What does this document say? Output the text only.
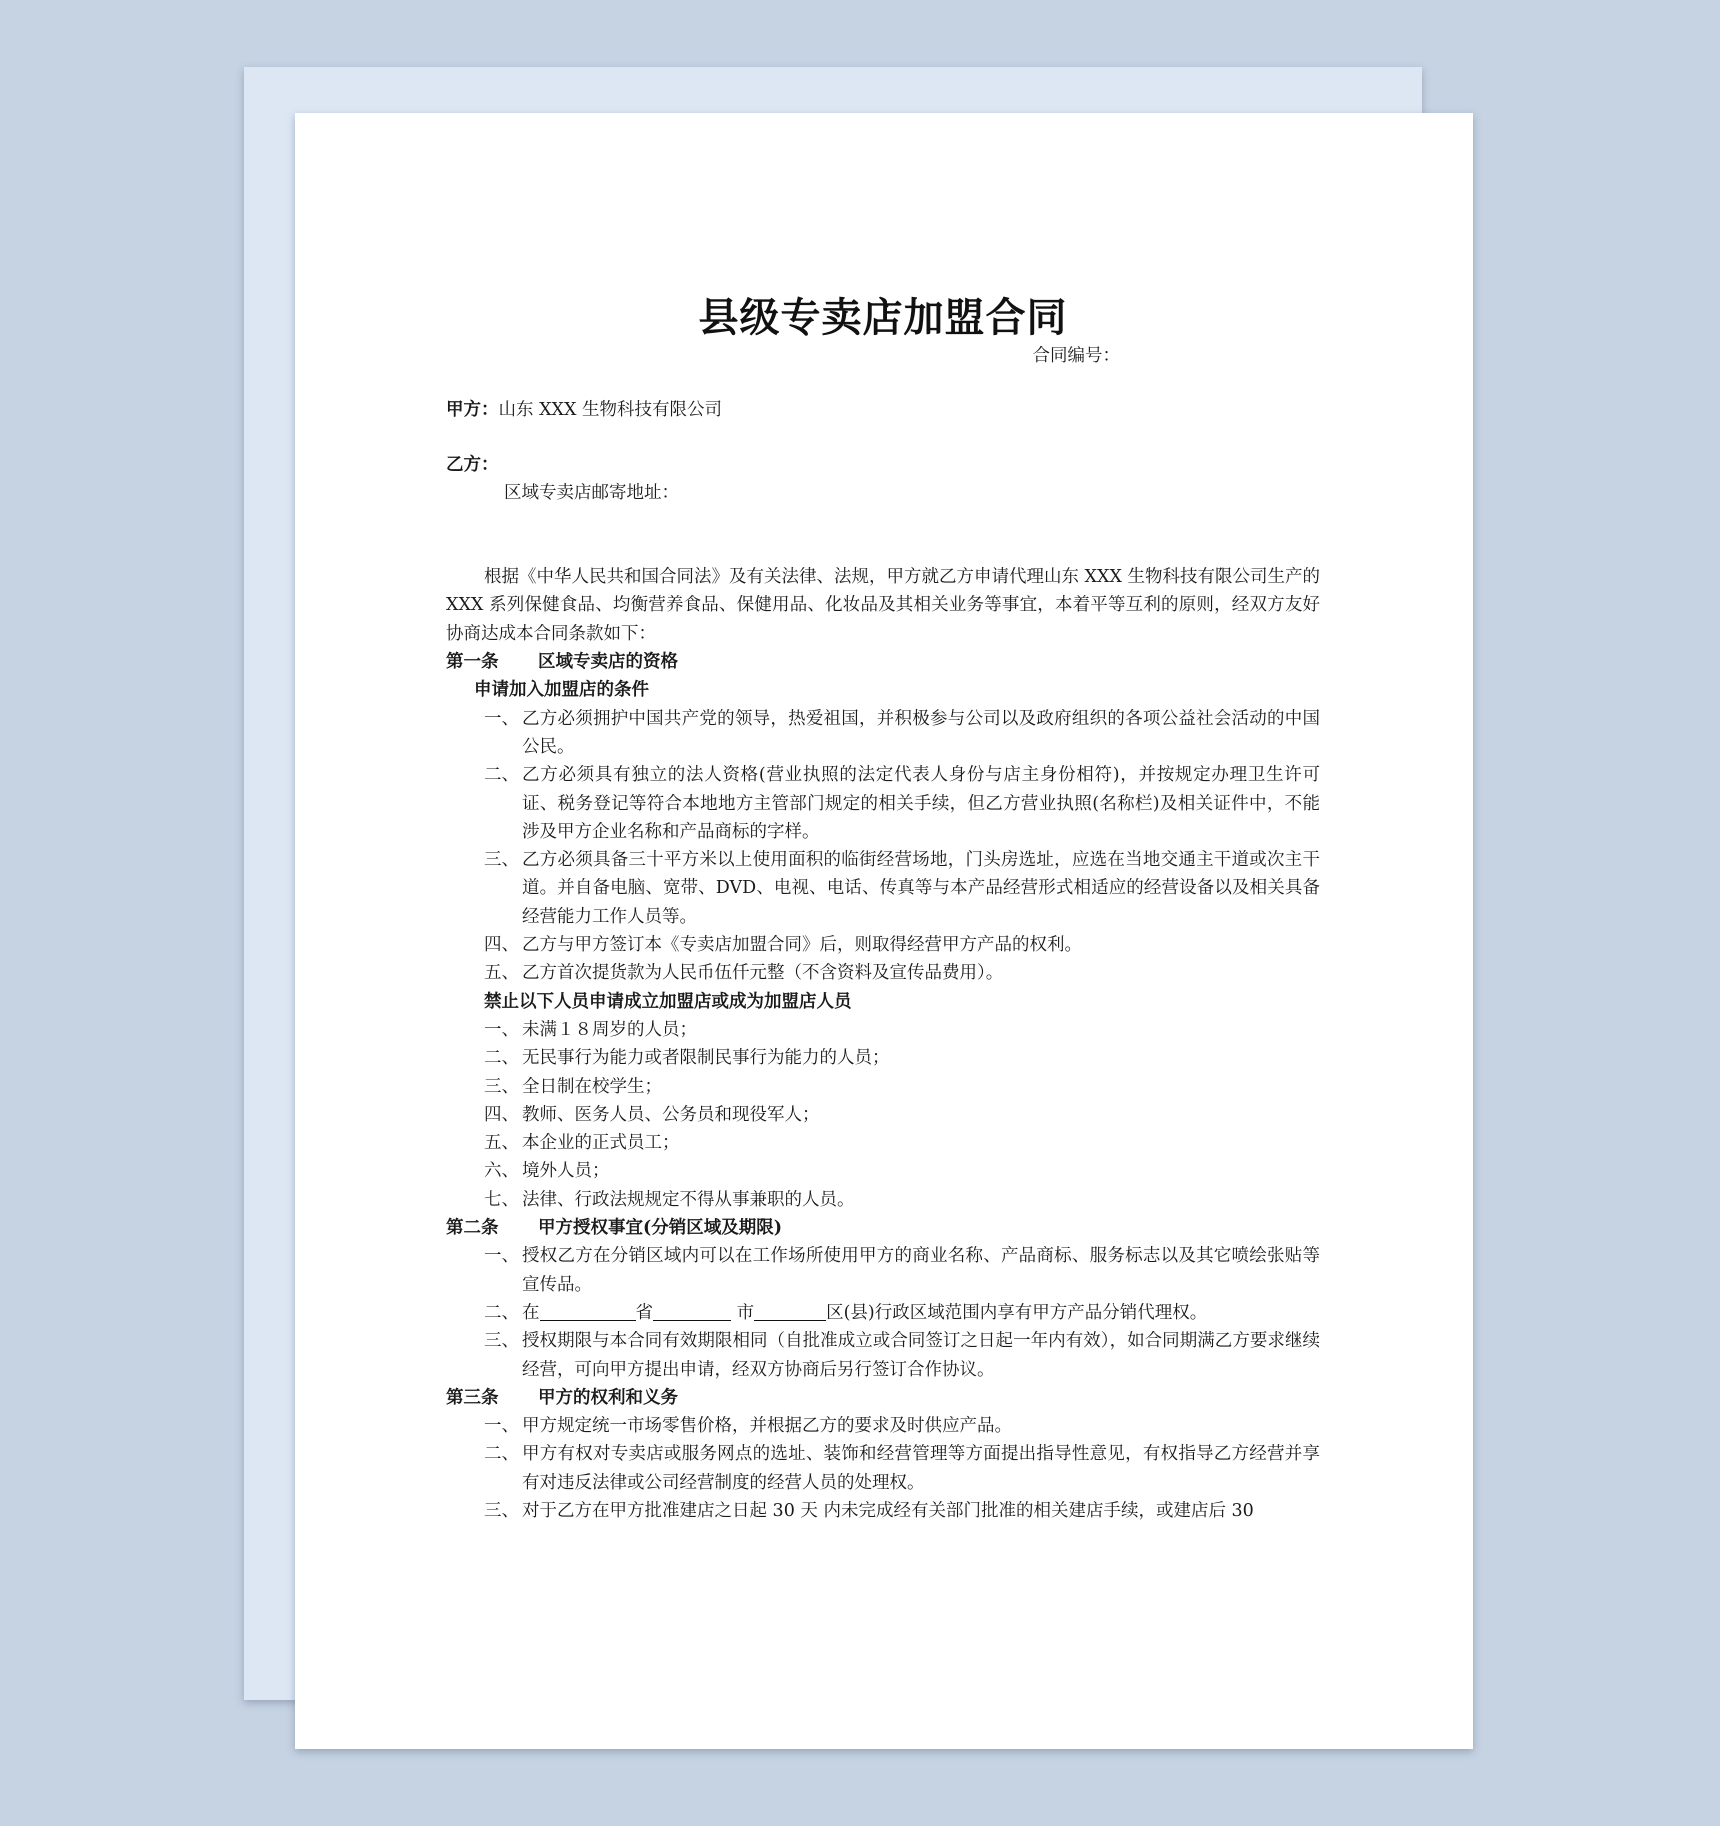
县级专卖店加盟合同
合同编号：
甲方：山东 XXX 生物科技有限公司
乙方：
区域专卖店邮寄地址：
根据《中华人民共和国合同法》及有关法律、法规，甲方就乙方申请代理山东 XXX 生物科技有限公司生产的 XXX 系列保健食品、均衡营养食品、保健用品、化妆品及其相关业务等事宜，本着平等互利的原则，经双方友好协商达成本合同条款如下：
第一条 区域专卖店的资格
申请加入加盟店的条件
一、 乙方必须拥护中国共产党的领导，热爱祖国，并积极参与公司以及政府组织的各项公益社会活动的中国公民。
二、 乙方必须具有独立的法人资格(营业执照的法定代表人身份与店主身份相符)，并按规定办理卫生许可证、税务登记等符合本地地方主管部门规定的相关手续，但乙方营业执照(名称栏)及相关证件中，不能涉及甲方企业名称和产品商标的字样。
三、 乙方必须具备三十平方米以上使用面积的临街经营场地，门头房选址，应选在当地交通主干道或次主干道。并自备电脑、宽带、DVD、电视、电话、传真等与本产品经营形式相适应的经营设备以及相关具备经营能力工作人员等。
四、 乙方与甲方签订本《专卖店加盟合同》后，则取得经营甲方产品的权利。
五、 乙方首次提货款为人民币伍仟元整（不含资料及宣传品费用）。
禁止以下人员申请成立加盟店或成为加盟店人员
一、 未满１８周岁的人员；
二、 无民事行为能力或者限制民事行为能力的人员；
三、 全日制在校学生；
四、 教师、医务人员、公务员和现役军人；
五、 本企业的正式员工；
六、 境外人员；
七、 法律、行政法规规定不得从事兼职的人员。
第二条 甲方授权事宜(分销区域及期限)
一、 授权乙方在分销区域内可以在工作场所使用甲方的商业名称、产品商标、服务标志以及其它喷绘张贴等宣传品。
二、 在	省	市	区(县)行政区域范围内享有甲方产品分销代理权。
三、 授权期限与本合同有效期限相同（自批准成立或合同签订之日起一年内有效），如合同期满乙方要求继续经营，可向甲方提出申请，经双方协商后另行签订合作协议。
第三条 甲方的权利和义务
一、 甲方规定统一市场零售价格，并根据乙方的要求及时供应产品。
二、 甲方有权对专卖店或服务网点的选址、装饰和经营管理等方面提出指导性意见，有权指导乙方经营并享有对违反法律或公司经营制度的经营人员的处理权。
三、 对于乙方在甲方批准建店之日起 30 天 内未完成经有关部门批准的相关建店手续，或建店后 30
